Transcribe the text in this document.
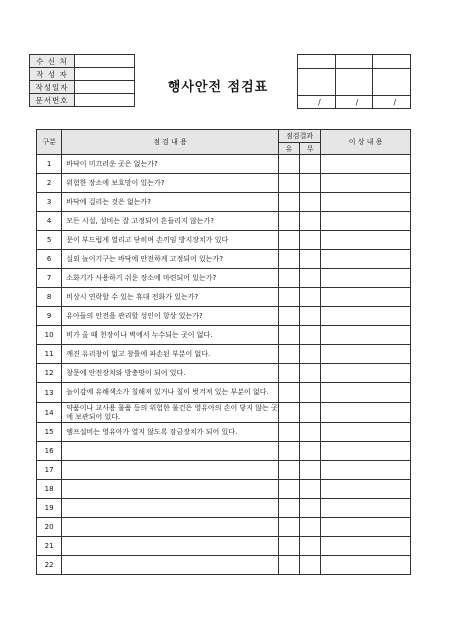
수 신 처	
작 성 자	
작성일자	
문서번호	
행사안전 점검표

/	/	/
구분	점 검 내 용	점검결과		이 상 내 용
		유	무	
1	바닥이 미끄러운 곳은 없는가?			
2	위험한 장소에 보호망이 있는가?			
3	바닥에 걸리는 것은 없는가?			
4	모든 시설, 설비는 잘 고정되어 흔들리지 않는가?			
5	문이 부드럽게 열리고 닫히며 손끼임 방지장치가 있다			
6	실외 놀이기구는 바닥에 안전하게 고정되어 있는가?			
7	소화기가 사용하기 쉬운 장소에 마련되어 있는가?			
8	비상시 연락할 수 있는 휴대 전화가 있는가?			
9	유아들의 안전을 관리할 성인이 항상 있는가?			
10	비가 올 때 천장이나 벽에서 누수되는 곳이 없다.			
11	깨진 유리창이 없고 창틀에 파손된 부분이 없다.			
12	창문에 안전장치와 방충망이 되어 있다.			
13	놀이감에 유해색소가 칠해져 있거나 칠이 벗겨져 있는 부분이 없다.			
14	약품이나 교사용 물품 등의 위험한 물건은 영유아의 손이 닿지 않는 곳에 보관되어 있다.			
15	엠프설비는 영유아가 열지 않도록 잠금장치가 되어 있다.			
16				
17				
18				
19				
20				
21				
22				
